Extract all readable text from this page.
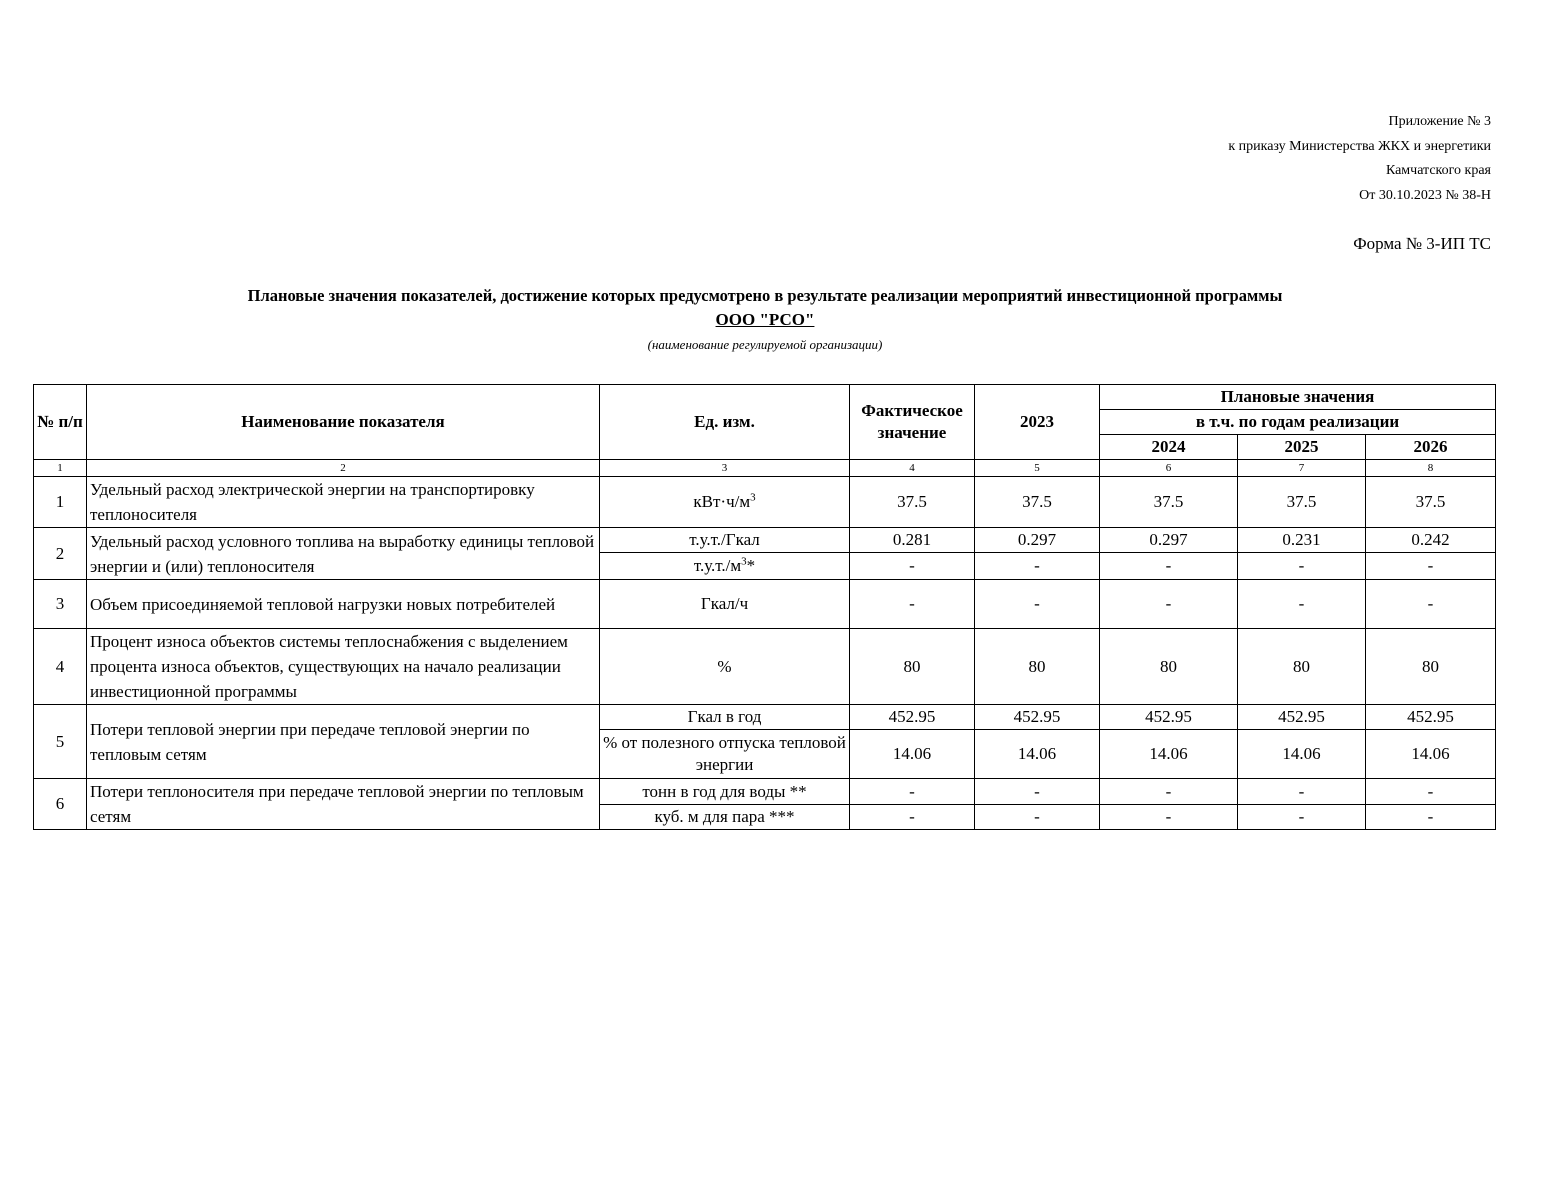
Приложение № 3
к приказу Министерства ЖКХ и энергетики
Камчатского края
От 30.10.2023 № 38-Н
Форма № 3-ИП ТС
Плановые значения показателей, достижение которых предусмотрено в результате реализации мероприятий инвестиционной программы
ООО "РСО"
(наименование регулируемой организации)
№ п/п	Наименование показателя	Ед. изм.	Фактическое значение	2023	Плановые значения		
					в т.ч. по годам реализации		
					2024	2025	2026
1	2	3	4	5	6	7	8
1	Удельный расход электрической энергии на транспортировку теплоносителя	$кВт\cdot ч/м^3$	37.5	37.5	37.5	37.5	37.5
2	Удельный расход условного топлива на выработку единицы тепловой энергии и (или) теплоносителя	т.у.т./Гкал	0.281	0.297	0.297	0.231	0.242
		$т.у.т./м^3*$	-	-	-	-	-
3	Объем присоединяемой тепловой нагрузки новых потребителей	Гкал/ч	-	-	-	-	-
4	Процент износа объектов системы теплоснабжения с выделением процента износа объектов, существующих на начало реализации инвестиционной программы	%	80	80	80	80	80
5	Потери тепловой энергии при передаче тепловой энергии по тепловым сетям	Гкал в год	452.95	452.95	452.95	452.95	452.95
		% от полезного отпуска тепловой энергии	14.06	14.06	14.06	14.06	14.06
6	Потери теплоносителя при передаче тепловой энергии по тепловым сетям	тонн в год для воды **	-	-	-	-	-
		куб. м для пара ***	-	-	-	-	-
